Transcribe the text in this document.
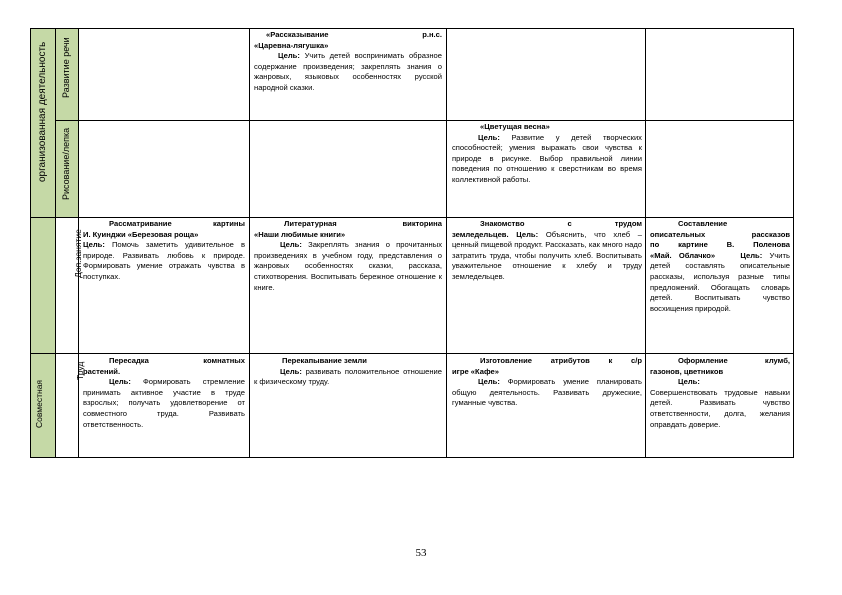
организованная деятельность Развитие речи
Рисование/лепка
Доп.занятие
Совместная
Труд
«Рассказывание р.н.с.
«Царевна-лягушка»
Цель: Учить детей воспринимать образное содержание произведения; закреплять знания о жанровых, языковых особенностях русской народной сказки.
«Цветущая весна»
Цель: Развитие у детей творческих способностей; умения выражать свои чувства к природе в рисунке. Выбор правильной линии поведения по отношению к сверстникам во время коллективной работы.
Рассматривание картины
И. Куинджи «Березовая роща»
Цель: Помочь заметить удивительное в природе. Развивать любовь к природе. Формировать умение отражать чувства в поступках.
Литературная викторина
«Наши любимые книги»
Цель: Закреплять знания о прочитанных произведениях в учебном году, представления о жанровых особенностях сказки, рассказа, стихотворения. Воспитывать бережное отношение к книге.
Знакомство с трудом
земледельцев. Цель: Объяснить, что хлеб – ценный пищевой продукт. Рассказать, как много надо затратить труда, чтобы получить хлеб. Воспитывать уважительное отношение к хлебу и труду земледельцев.
Составление
описательных рассказов
по картине В. Поленова
«Май. Облачко»	Цель: Учить детей составлять описательные рассказы, используя разные типы предложений. Обогащать словарь детей. Воспитывать чувство восхищения природой.
Пересадка комнатных
растений.
Цель: Формировать стремление принимать активное участие в труде взрослых; получать удовлетворение от совместного труда. Развивать ответственность.
Перекапывание земли
Цель: развивать положительное отношение к физическому труду.
Изготовление атрибутов к с/р
игре «Кафе»
Цель: Формировать умение планировать общую деятельность. Развивать дружеские, гуманные чувства.
Оформление клумб,
газонов, цветников
Цель:
Совершенствовать трудовые навыки детей. Развивать чувство ответственности, долга, желания оправдать доверие.
53
